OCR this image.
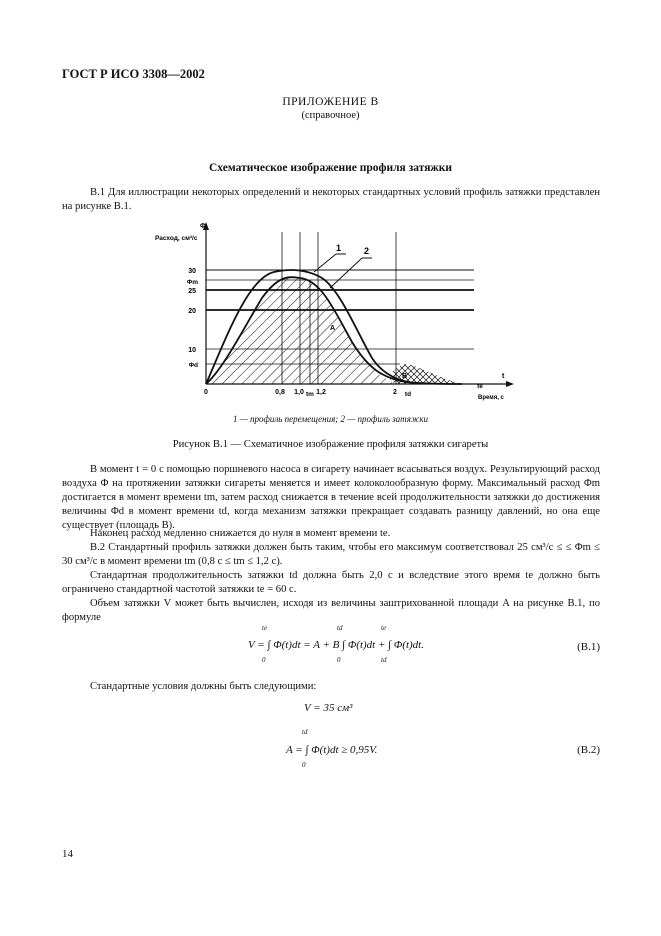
ГОСТ Р ИСО 3308—2002
ПРИЛОЖЕНИЕ В
(справочное)
Схематическое изображение профиля затяжки
В.1 Для иллюстрации некоторых определений и некоторых стандартных условий профиль затяжки представлен на рисунке В.1.
Φ
Расход, см³/с
t
Время, с
30
Φm
25
20
10
Φd
0	0,8 1,0 tm 1,2	2 td
te
1	2
A
B
1 — профиль перемещения; 2 — профиль затяжки
Рисунок В.1 — Схематичное изображение профиля затяжки сигареты
В момент t = 0 с помощью поршневого насоса в сигарету начинает всасываться воздух. Результирующий расход воздуха Φ на протяжении затяжки сигареты меняется и имеет колоколообразную форму. Максимальный расход Φm достигается в момент времени tm, затем расход снижается в течение всей продолжительности затяжки до достижения величины Φd в момент времени td, когда механизм затяжки прекращает создавать разницу давлений, но она еще существует (площадь B).
Наконец расход медленно снижается до нуля в момент времени te.
В.2 Стандартный профиль затяжки должен быть таким, чтобы его максимум соответствовал 25 см³/с ≤ ≤ Φm ≤ 30 см³/с в момент времени tm (0,8 с ≤ tm ≤ 1,2 с).
Стандартная продолжительность затяжки td должна быть 2,0 с и вследствие этого время te должно быть ограничено стандартной частотой затяжки te = 60 с.
Объем затяжки V может быть вычислен, исходя из величины заштрихованной площади A на рисунке В.1, по формуле
V = ∫ Φ(t)dt = A + B ∫ Φ(t)dt + ∫ Φ(t)dt.
te
0
td
0
te
td
(B.1)
Стандартные условия должны быть следующими:
V = 35 см³
A = ∫ Φ(t)dt ≥ 0,95V.
td
0
(B.2)
14
